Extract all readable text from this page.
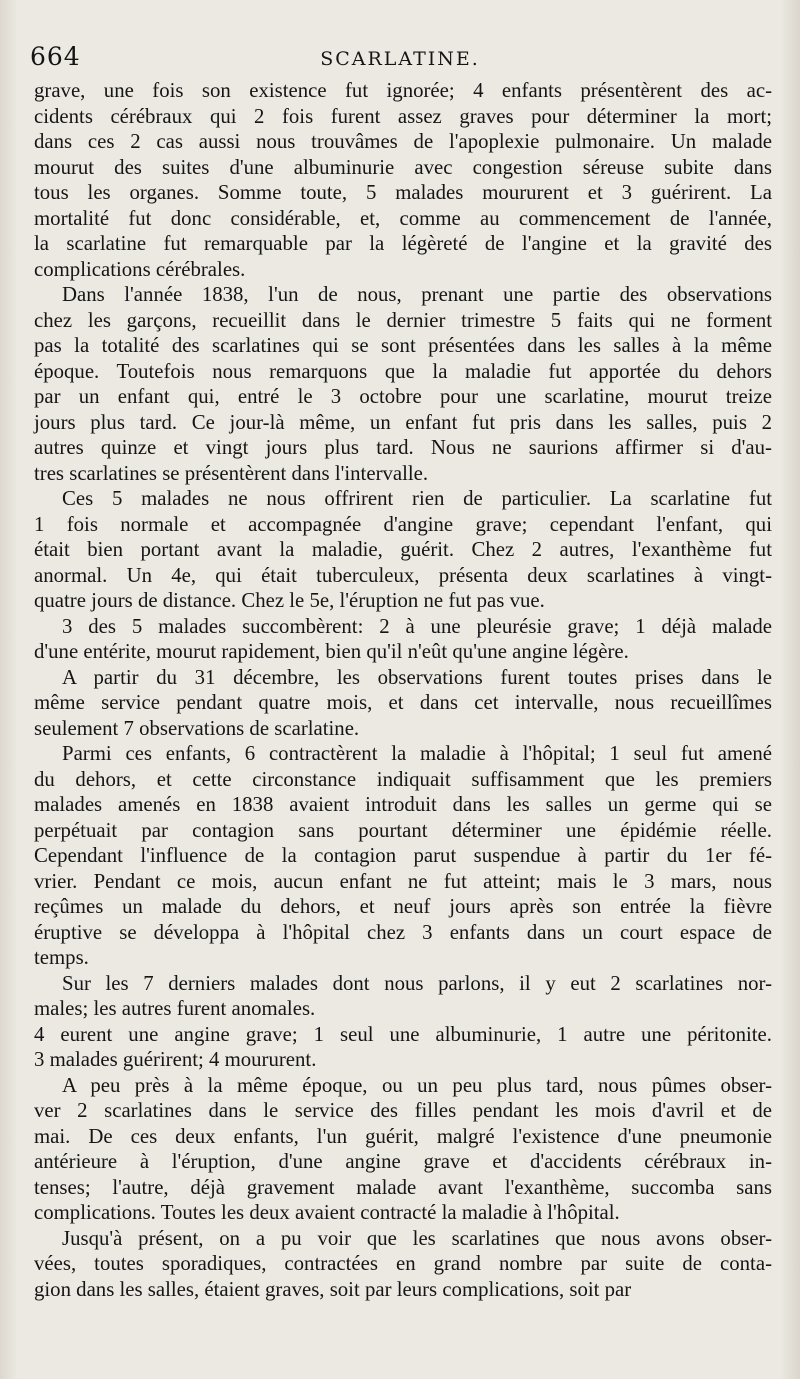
664	SCARLATINE.
grave, une fois son existence fut ignorée; 4 enfants présentèrent des ac-
cidents cérébraux qui 2 fois furent assez graves pour déterminer la mort;
dans ces 2 cas aussi nous trouvâmes de l'apoplexie pulmonaire. Un malade
mourut des suites d'une albuminurie avec congestion séreuse subite dans
tous les organes. Somme toute, 5 malades moururent et 3 guérirent. La
mortalité fut donc considérable, et, comme au commencement de l'année,
la scarlatine fut remarquable par la légèreté de l'angine et la gravité des
complications cérébrales.
Dans l'année 1838, l'un de nous, prenant une partie des observations
chez les garçons, recueillit dans le dernier trimestre 5 faits qui ne forment
pas la totalité des scarlatines qui se sont présentées dans les salles à la même
époque. Toutefois nous remarquons que la maladie fut apportée du dehors
par un enfant qui, entré le 3 octobre pour une scarlatine, mourut treize
jours plus tard. Ce jour-là même, un enfant fut pris dans les salles, puis 2
autres quinze et vingt jours plus tard. Nous ne saurions affirmer si d'au-
tres scarlatines se présentèrent dans l'intervalle.
Ces 5 malades ne nous offrirent rien de particulier. La scarlatine fut
1 fois normale et accompagnée d'angine grave; cependant l'enfant, qui
était bien portant avant la maladie, guérit. Chez 2 autres, l'exanthème fut
anormal. Un 4e, qui était tuberculeux, présenta deux scarlatines à vingt-
quatre jours de distance. Chez le 5e, l'éruption ne fut pas vue.
3 des 5 malades succombèrent: 2 à une pleurésie grave; 1 déjà malade
d'une entérite, mourut rapidement, bien qu'il n'eût qu'une angine légère.
A partir du 31 décembre, les observations furent toutes prises dans le
même service pendant quatre mois, et dans cet intervalle, nous recueillîmes
seulement 7 observations de scarlatine.
Parmi ces enfants, 6 contractèrent la maladie à l'hôpital; 1 seul fut amené
du dehors, et cette circonstance indiquait suffisamment que les premiers
malades amenés en 1838 avaient introduit dans les salles un germe qui se
perpétuait par contagion sans pourtant déterminer une épidémie réelle.
Cependant l'influence de la contagion parut suspendue à partir du 1er fé-
vrier. Pendant ce mois, aucun enfant ne fut atteint; mais le 3 mars, nous
reçûmes un malade du dehors, et neuf jours après son entrée la fièvre
éruptive se développa à l'hôpital chez 3 enfants dans un court espace de
temps.
Sur les 7 derniers malades dont nous parlons, il y eut 2 scarlatines nor-
males; les autres furent anomales.
4 eurent une angine grave; 1 seul une albuminurie, 1 autre une péritonite.
3 malades guérirent; 4 moururent.
A peu près à la même époque, ou un peu plus tard, nous pûmes obser-
ver 2 scarlatines dans le service des filles pendant les mois d'avril et de
mai. De ces deux enfants, l'un guérit, malgré l'existence d'une pneumonie
antérieure à l'éruption, d'une angine grave et d'accidents cérébraux in-
tenses; l'autre, déjà gravement malade avant l'exanthème, succomba sans
complications. Toutes les deux avaient contracté la maladie à l'hôpital.
Jusqu'à présent, on a pu voir que les scarlatines que nous avons obser-
vées, toutes sporadiques, contractées en grand nombre par suite de conta-
gion dans les salles, étaient graves, soit par leurs complications, soit par
